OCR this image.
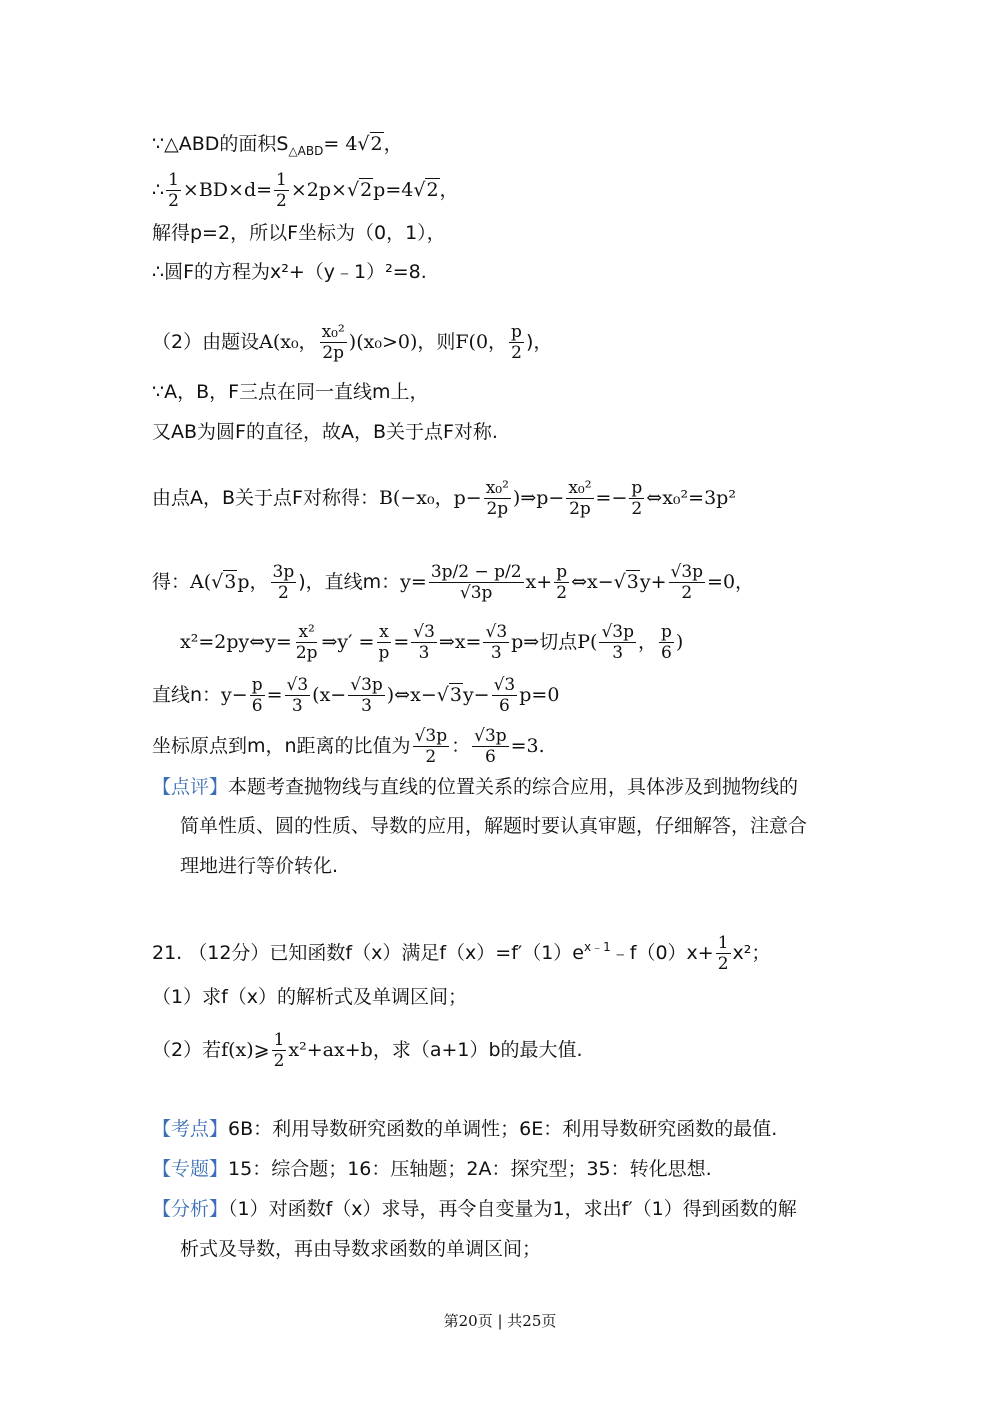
∵△ABD的面积$S_{\triangle ABD}= 4√2$，
∴ $\frac{1}{2} \times BD\times d= \frac{1}{2} \times 2p\times√2p=4√2$，
解得p=2，所以F坐标为（0，1），
∴圆F的方程为x²+（y﹣1）²=8.
（2）由题设A(x₀， $\frac{\text{x₀²}}{2p} )(x_0>0)$，则F(0， $\frac{p}{2}$ )，
∵A，B，F三点在同一直线m上，
又AB为圆F的直径，故A，B关于点F对称.
由点A，B关于点F对称得：B(−x₀，$p- \frac{\text{x₀²}}{2p}$ )⇒p− $\frac{\text{x₀²}}{2p} =- \frac{p}{2}$ ⇔x₀²=3p²
得：A(√3p， $\frac{3p}{2}$ )，直线m：$y= \frac{3p/2 - p/2}{√3p} x+ \frac{p}{2}$ ⇔x−√3y+ $\frac{√3p}{2} =0$，
x²=2py⇔y= $\frac{\text{x²}}{2p}$ ⇒y′ = $\frac{x}{p} = \frac{√3}{3}$ ⇒x= $\frac{√3}{3}$ p⇒切点$P( \frac{√3p}{3}$ ， $\frac{p}{6}$ )
直线n：$y- \frac{p}{6} = \frac{√3}{3} (x- \frac{√3p}{3}$ )⇔x−√3y− $\frac{√3}{6} p=0$
坐标原点到m，n距离的比值为 $\frac{√3p}{2}$ ： $\frac{√3p}{6} =3$.
【点评】本题考查抛物线与直线的位置关系的综合应用，具体涉及到抛物线的
简单性质、圆的性质、导数的应用，解题时要认真审题，仔细解答，注意合
理地进行等价转化.
21. （12分）已知函数f（x）满足$f(x)=f'(1)e^{x﹣1}﹣f(0)x+ \frac{1}{2} x^2$；
（1）求f（x）的解析式及单调区间；
（2）若f(x)⩾ $\frac{1}{2} x^2+ax+b$，求（a+1）b的最大值.
【考点】6B：利用导数研究函数的单调性；6E：利用导数研究函数的最值.
【专题】15：综合题；16：压轴题；2A：探究型；35：转化思想.
【分析】（1）对函数f（x）求导，再令自变量为1，求出f′（1）得到函数的解
析式及导数，再由导数求函数的单调区间；
第20页 | 共25页
